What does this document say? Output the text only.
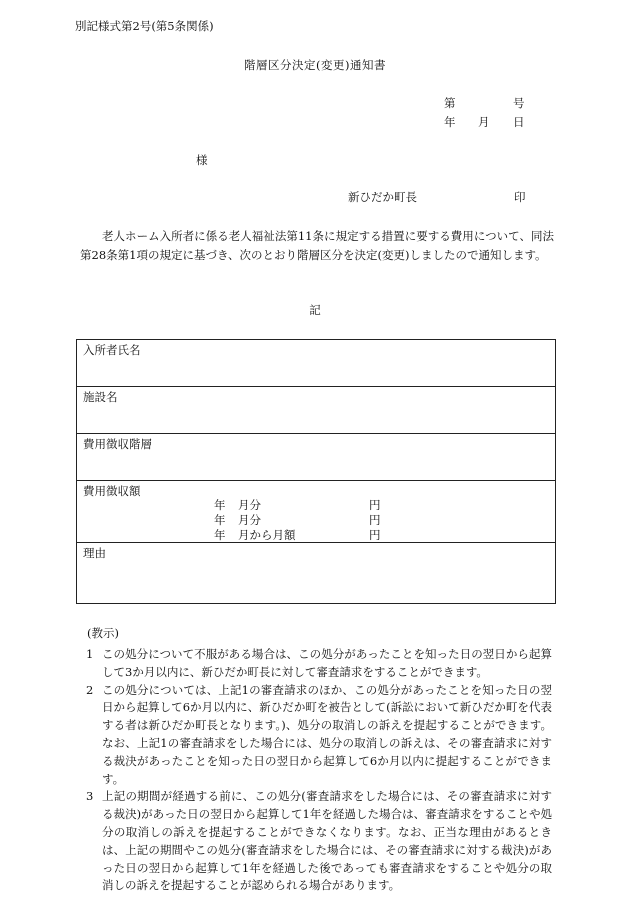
別記様式第2号(第5条関係)
階層区分決定(変更)通知書
第	号
年 月 日
様
新ひだか町長	印
老人ホーム入所者に係る老人福祉法第11条に規定する措置に要する費用について、同法第28条第1項の規定に基づき、次のとおり階層区分を決定(変更)しましたので通知します。
記
入所者氏名
施設名
費用徴収階層
費用徴収額
年 月分	円
年 月分	円
年 月から月額	円
理由
(教示)
1 この処分について不服がある場合は、この処分があったことを知った日の翌日から起算して3か月以内に、新ひだか町長に対して審査請求をすることができます。
2 この処分については、上記1の審査請求のほか、この処分があったことを知った日の翌日から起算して6か月以内に、新ひだか町を被告として(訴訟において新ひだか町を代表する者は新ひだか町長となります。)、処分の取消しの訴えを提起することができます。なお、上記1の審査請求をした場合には、処分の取消しの訴えは、その審査請求に対する裁決があったことを知った日の翌日から起算して6か月以内に提起することができます。
3 上記の期間が経過する前に、この処分(審査請求をした場合には、その審査請求に対する裁決)があった日の翌日から起算して1年を経過した場合は、審査請求をすることや処分の取消しの訴えを提起することができなくなります。なお、正当な理由があるときは、上記の期間やこの処分(審査請求をした場合には、その審査請求に対する裁決)があった日の翌日から起算して1年を経過した後であっても審査請求をすることや処分の取消しの訴えを提起することが認められる場合があります。
